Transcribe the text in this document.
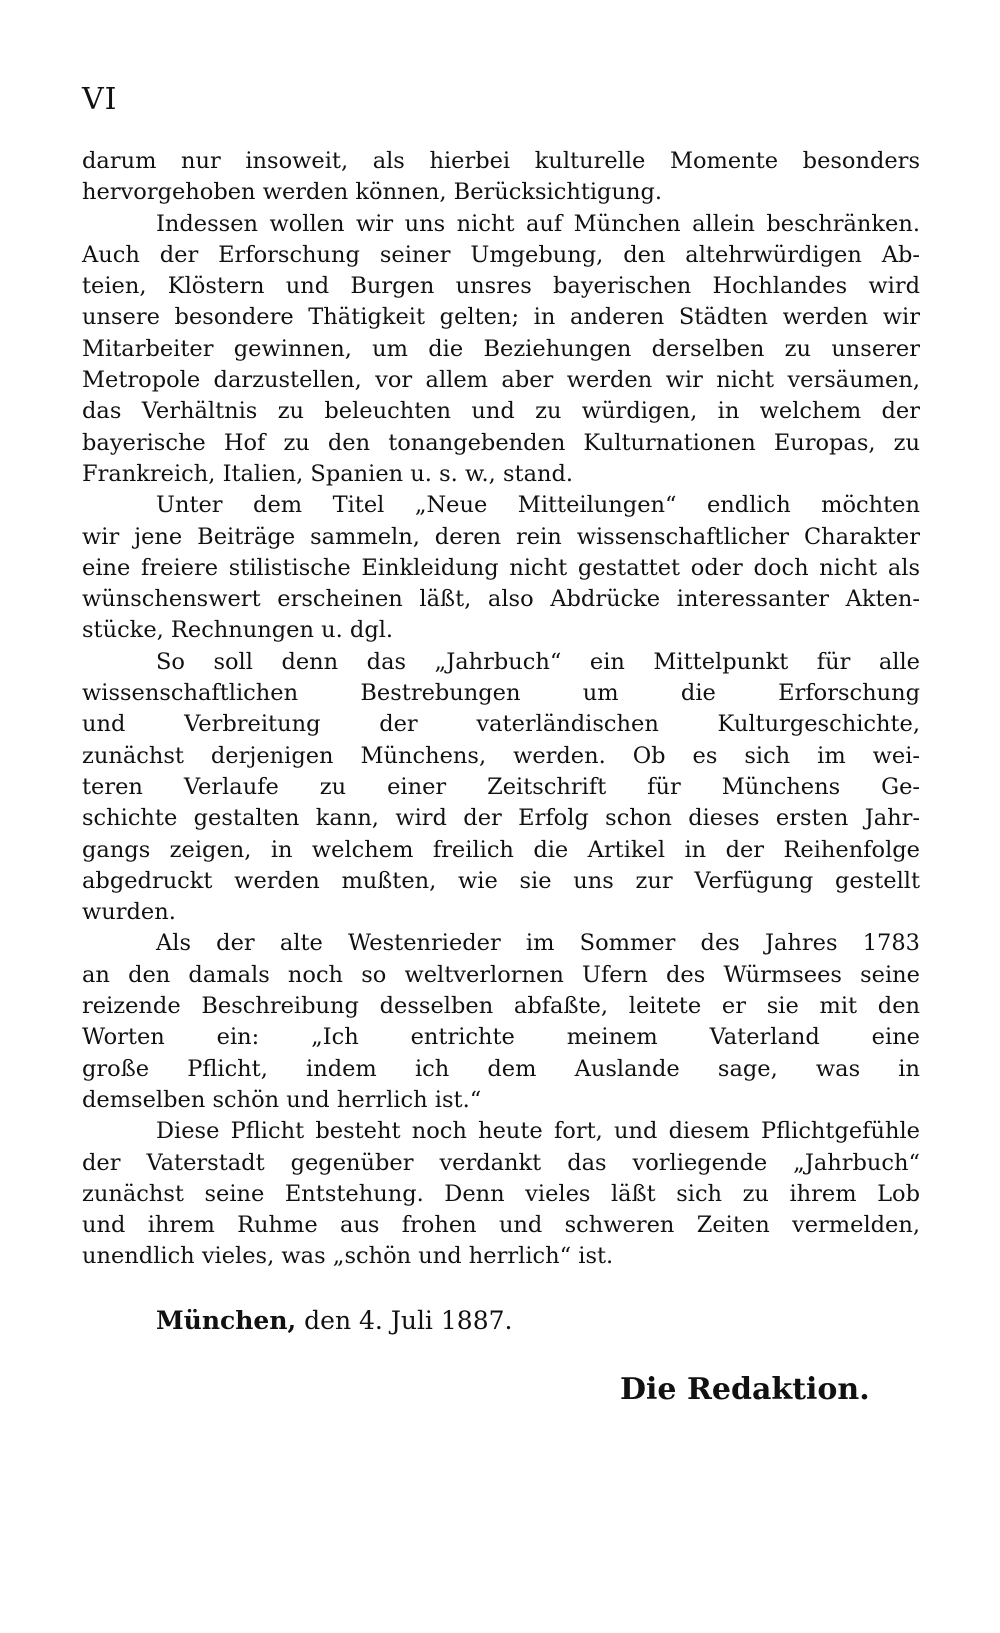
VI

darum nur insoweit, als hierbei kulturelle Momente besonders

hervorgehoben werden können, Berücksichtigung.

Indessen wollen wir uns nicht auf München allein beschränken.

Auch der Erforschung seiner Umgebung, den altehrwürdigen Ab-

teien, Klöstern und Burgen unsres bayerischen Hochlandes wird

unsere besondere Thätigkeit gelten; in anderen Städten werden wir

Mitarbeiter gewinnen, um die Beziehungen derselben zu unserer

Metropole darzustellen, vor allem aber werden wir nicht versäumen,

das Verhältnis zu beleuchten und zu würdigen, in welchem der

bayerische Hof zu den tonangebenden Kulturnationen Europas, zu

Frankreich, Italien, Spanien u. s. w., stand.

Unter dem Titel „Neue Mitteilungen“ endlich möchten

wir jene Beiträge sammeln, deren rein wissenschaftlicher Charakter

eine freiere stilistische Einkleidung nicht gestattet oder doch nicht als

wünschenswert erscheinen läßt, also Abdrücke interessanter Akten-

stücke, Rechnungen u. dgl.

So soll denn das „Jahrbuch“ ein Mittelpunkt für alle

wissenschaftlichen Bestrebungen um die Erforschung

und Verbreitung der vaterländischen Kulturgeschichte,

zunächst derjenigen Münchens, werden. Ob es sich im wei-

teren Verlaufe zu einer Zeitschrift für Münchens Ge-

schichte gestalten kann, wird der Erfolg schon dieses ersten Jahr-

gangs zeigen, in welchem freilich die Artikel in der Reihenfolge

abgedruckt werden mußten, wie sie uns zur Verfügung gestellt

wurden.

Als der alte Westenrieder im Sommer des Jahres 1783

an den damals noch so weltverlornen Ufern des Würmsees seine

reizende Beschreibung desselben abfaßte, leitete er sie mit den

Worten ein: „Ich entrichte meinem Vaterland eine

große Pflicht, indem ich dem Auslande sage, was in

demselben schön und herrlich ist.“

Diese Pflicht besteht noch heute fort, und diesem Pflichtgefühle

der Vaterstadt gegenüber verdankt das vorliegende „Jahrbuch“

zunächst seine Entstehung. Denn vieles läßt sich zu ihrem Lob

und ihrem Ruhme aus frohen und schweren Zeiten vermelden,

unendlich vieles, was „schön und herrlich“ ist.

München, den 4. Juli 1887.
Die Redaktion.
